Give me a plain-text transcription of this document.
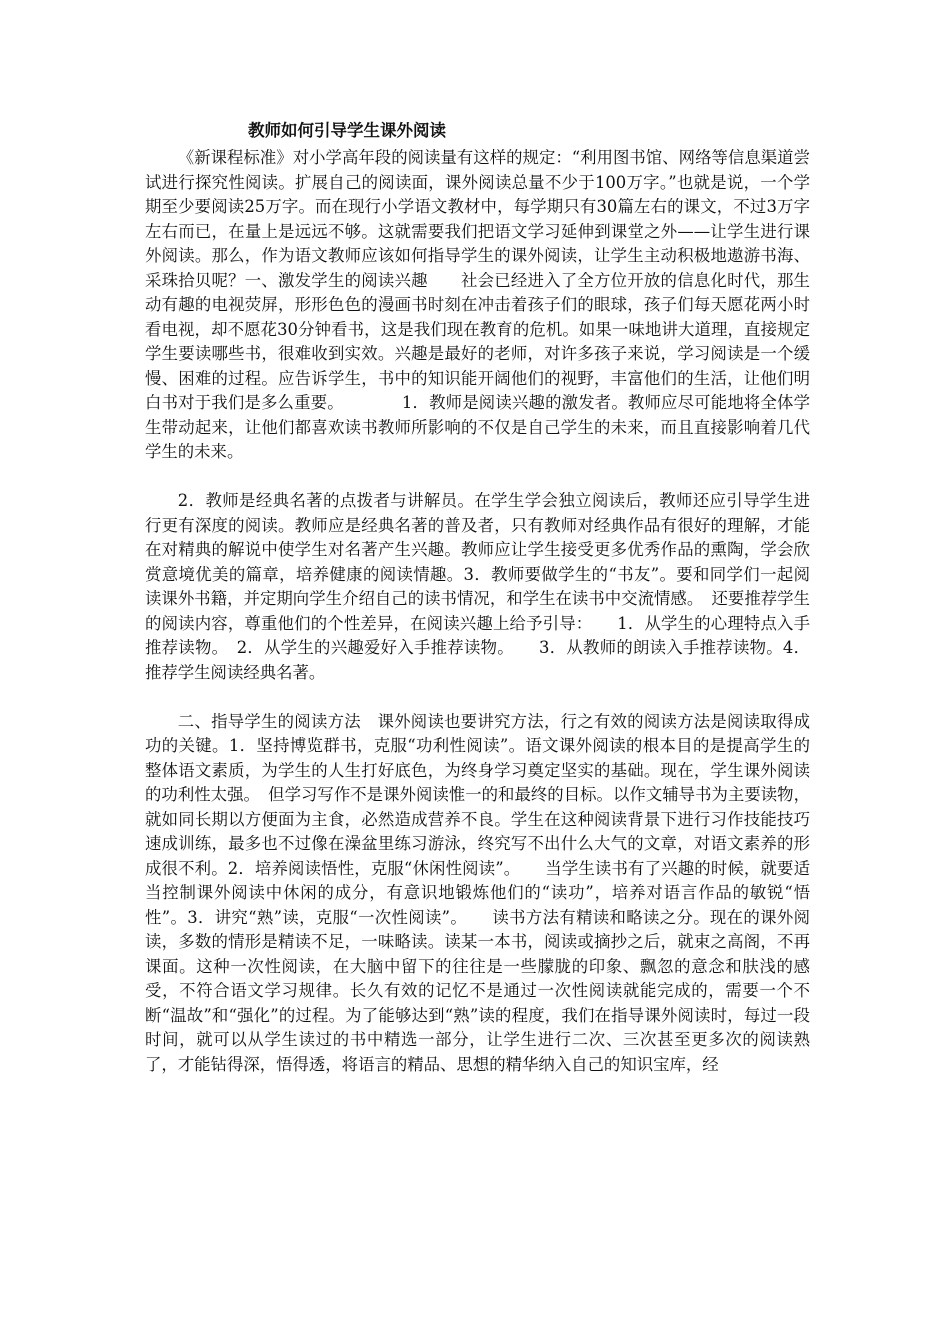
教师如何引导学生课外阅读

《新课程标准》对小学高年段的阅读量有这样的规定：“利用图书馆、网络等信息渠道尝试进行探究性阅读。扩展自己的阅读面，课外阅读总量不少于100万字。”也就是说，一个学期至少要阅读25万字。而在现行小学语文教材中，每学期只有30篇左右的课文，不过3万字左右而已，在量上是远远不够。这就需要我们把语文学习延伸到课堂之外——让学生进行课外阅读。那么，作为语文教师应该如何指导学生的课外阅读，让学生主动积极地遨游书海、采珠拾贝呢？一、激发学生的阅读兴趣　　社会已经进入了全方位开放的信息化时代，那生动有趣的电视荧屏，形形色色的漫画书时刻在冲击着孩子们的眼球，孩子们每天愿花两小时看电视，却不愿花30分钟看书，这是我们现在教育的危机。如果一味地讲大道理，直接规定学生要读哪些书，很难收到实效。兴趣是最好的老师，对许多孩子来说，学习阅读是一个缓慢、困难的过程。应告诉学生，书中的知识能开阔他们的视野，丰富他们的生活，让他们明白书对于我们是多么重要。　　　　1．教师是阅读兴趣的激发者。教师应尽可能地将全体学生带动起来，让他们都喜欢读书教师所影响的不仅是自己学生的未来，而且直接影响着几代学生的未来。

2．教师是经典名著的点拨者与讲解员。在学生学会独立阅读后，教师还应引导学生进行更有深度的阅读。教师应是经典名著的普及者，只有教师对经典作品有很好的理解，才能在对精典的解说中使学生对名著产生兴趣。教师应让学生接受更多优秀作品的熏陶，学会欣赏意境优美的篇章，培养健康的阅读情趣。3．教师要做学生的“书友”。要和同学们一起阅读课外书籍，并定期向学生介绍自己的读书情况，和学生在读书中交流情感。　还要推荐学生的阅读内容，尊重他们的个性差异，在阅读兴趣上给予引导：　　1．从学生的心理特点入手推荐读物。　2．从学生的兴趣爱好入手推荐读物。　　3．从教师的朗读入手推荐读物。4．推荐学生阅读经典名著。

二、指导学生的阅读方法　课外阅读也要讲究方法，行之有效的阅读方法是阅读取得成功的关键。1．坚持博览群书，克服“功利性阅读”。语文课外阅读的根本目的是提高学生的整体语文素质，为学生的人生打好底色，为终身学习奠定坚实的基础。现在，学生课外阅读的功利性太强。　但学习写作不是课外阅读惟一的和最终的目标。以作文辅导书为主要读物，就如同长期以方便面为主食，必然造成营养不良。学生在这种阅读背景下进行习作技能技巧速成训练，最多也不过像在澡盆里练习游泳，终究写不出什么大气的文章，对语文素养的形成很不利。2．培养阅读悟性，克服“休闲性阅读”。　　当学生读书有了兴趣的时候，就要适当控制课外阅读中休闲的成分，有意识地锻炼他们的“读功”，培养对语言作品的敏锐“悟性”。3．讲究“熟”读，克服“一次性阅读”。　　读书方法有精读和略读之分。现在的课外阅读，多数的情形是精读不足，一味略读。读某一本书，阅读或摘抄之后，就束之高阁，不再课面。这种一次性阅读，在大脑中留下的往往是一些朦胧的印象、飘忽的意念和肤浅的感受，不符合语文学习规律。长久有效的记忆不是通过一次性阅读就能完成的，需要一个不断“温故”和“强化”的过程。为了能够达到“熟”读的程度，我们在指导课外阅读时，每过一段时间，就可以从学生读过的书中精选一部分，让学生进行二次、三次甚至更多次的阅读熟了，才能钻得深，悟得透，将语言的精品、思想的精华纳入自己的知识宝库，经
